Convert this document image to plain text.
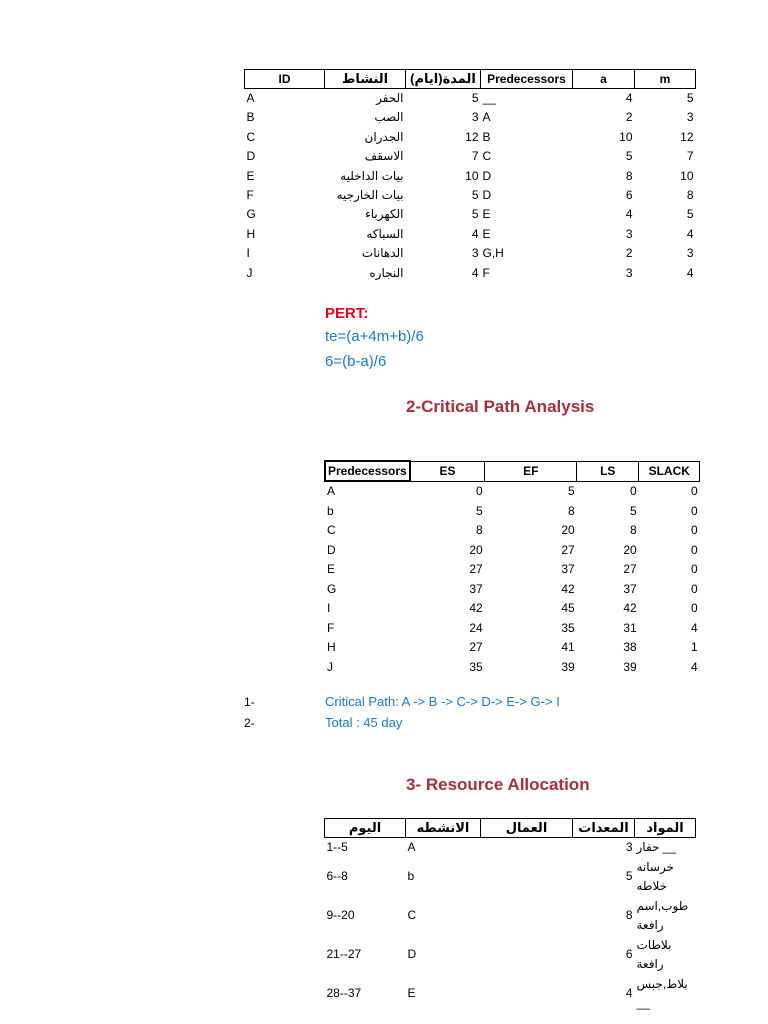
ID	النشاط	المدة(ايام)	Predecessors	a	m
A	الحفر	5	__	4	5
B	الصب	3	A	2	3
C	الجدران	12	B	10	12
D	الاسقف	7	C	5	7
E	بيات الداخليه	10	D	8	10
F	بيات الخارجيه	5	D	6	8
G	الكهرباء	5	E	4	5
H	السباكه	4	E	3	4
I	الدهانات	3	G,H	2	3
J	النجاره	4	F	3	4
PERT:
te=(a+4m+b)/6
6=(b-a)/6
2-Critical Path Analysis
Predecessors	ES	EF	LS	SLACK
A	0	5	0	0
b	5	8	5	0
C	8	20	8	0
D	20	27	20	0
E	27	37	27	0
G	37	42	37	0
I	42	45	42	0
F	24	35	31	4
H	27	41	38	1
J	35	39	39	4
1-	Critical Path: A -> B -> C-> D-> E-> G-> I
2-	Total : 45 day
3- Resource Allocation
اليوم	الانشطه	العمال	المعدات	المواد
1--5	A		3	__ حفار
6--8	b		5	خرسانه خلاطه
9--20	C		8	طوب,اسم رافعة
21--27	D		6	بلاطات رافعة
28--37	E		4	بلاط,جبس __
